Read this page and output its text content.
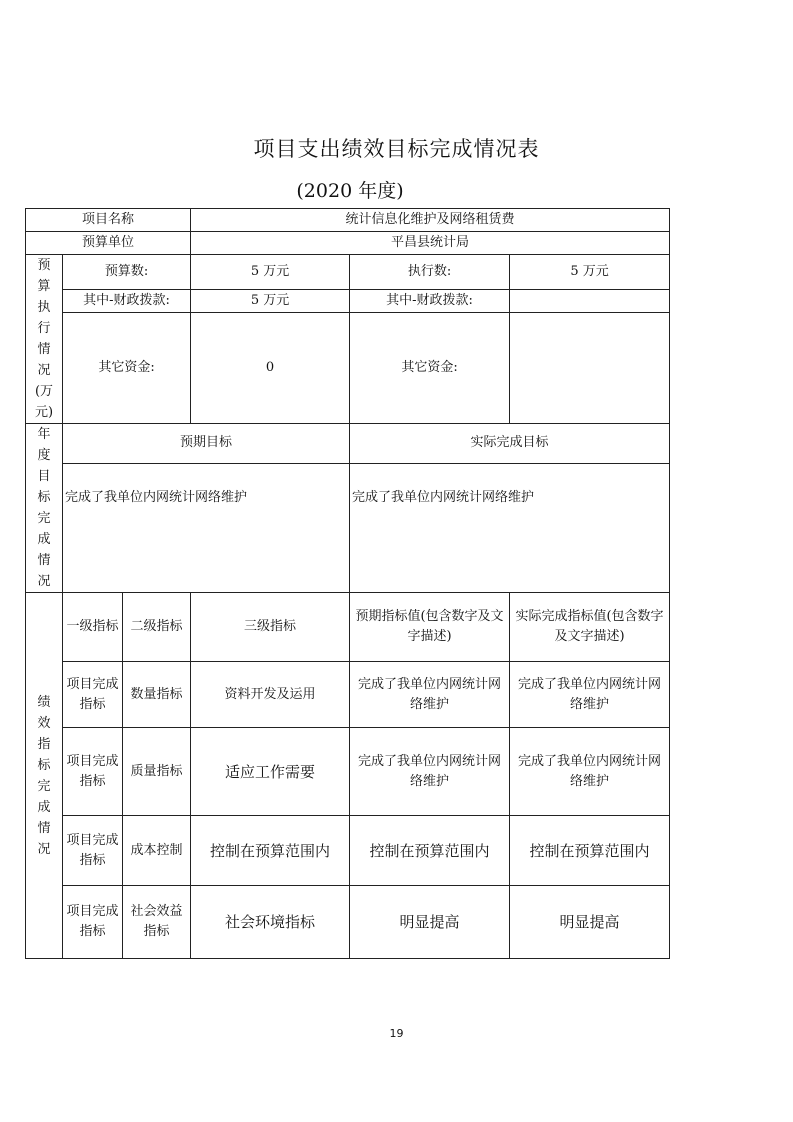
项目支出绩效目标完成情况表
(2020 年度)
项目名称			统计信息化维护及网络租赁费		
预算单位			平昌县统计局		
预算执行情况(万元)	预算数:		5 万元	执行数:	5 万元
	其中-财政拨款:		5 万元	其中-财政拨款:	
	其它资金:		0	其它资金:	
年度目标完成情况	预期目标			实际完成目标	
	完成了我单位内网统计网络维护			完成了我单位内网统计网络维护	
绩效指标完成情况	一级指标	二级指标	三级指标	预期指标值(包含数字及文字描述)	实际完成指标值(包含数字及文字描述)
	项目完成指标	数量指标	资料开发及运用	完成了我单位内网统计网络维护	完成了我单位内网统计网络维护
	项目完成指标	质量指标	适应工作需要	完成了我单位内网统计网络维护	完成了我单位内网统计网络维护
	项目完成指标	成本控制	控制在预算范围内	控制在预算范围内	控制在预算范围内
	项目完成指标	社会效益指标	社会环境指标	明显提高	明显提高
19
